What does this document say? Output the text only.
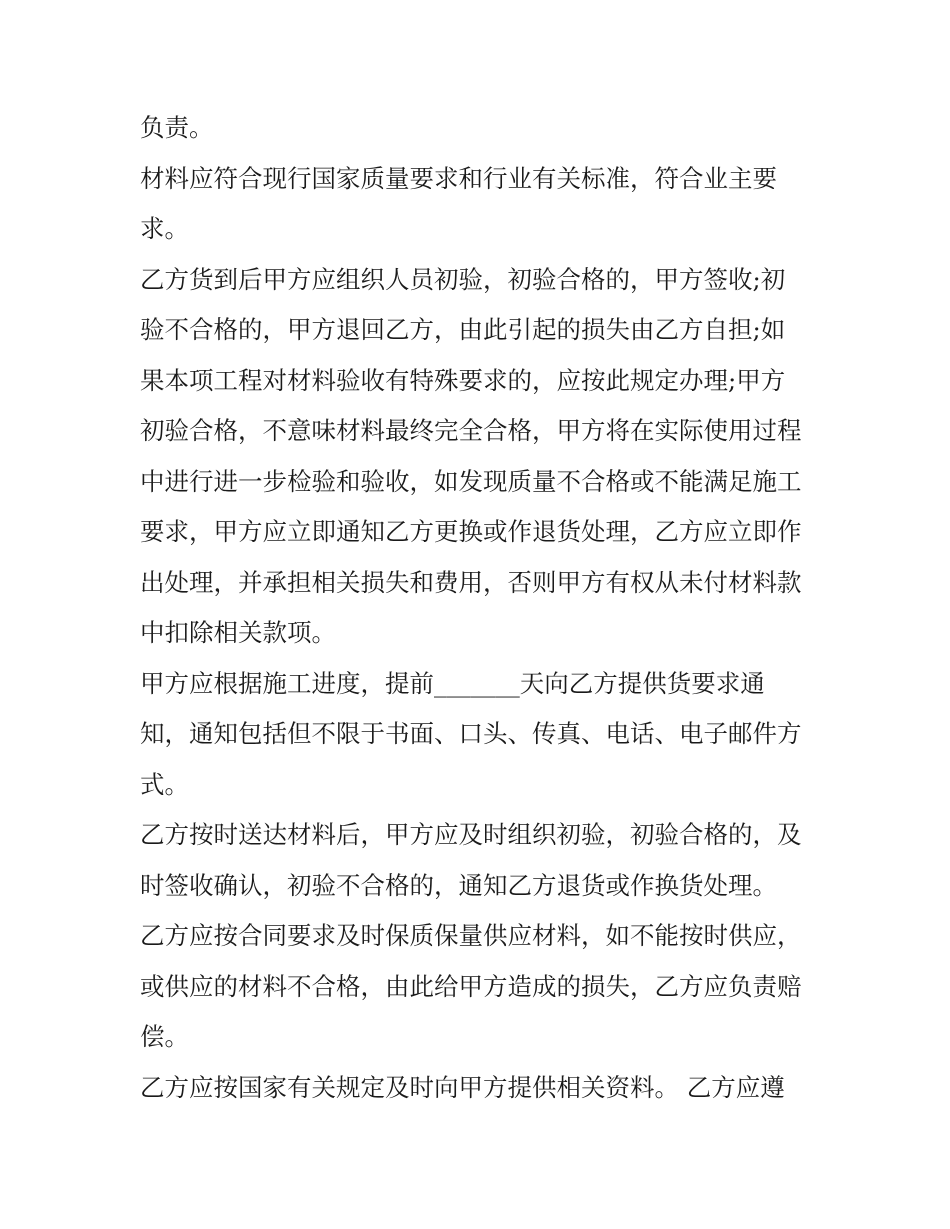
负责。
材料应符合现行国家质量要求和行业有关标准，符合业主要
求。
乙方货到后甲方应组织人员初验，初验合格的，甲方签收;初
验不合格的，甲方退回乙方，由此引起的损失由乙方自担;如
果本项工程对材料验收有特殊要求的，应按此规定办理;甲方
初验合格，不意味材料最终完全合格，甲方将在实际使用过程
中进行进一步检验和验收，如发现质量不合格或不能满足施工
要求，甲方应立即通知乙方更换或作退货处理，乙方应立即作
出处理，并承担相关损失和费用，否则甲方有权从未付材料款
中扣除相关款项。
甲方应根据施工进度，提前_______天向乙方提供货要求通
知，通知包括但不限于书面、口头、传真、电话、电子邮件方
式。
乙方按时送达材料后，甲方应及时组织初验，初验合格的，及
时签收确认，初验不合格的，通知乙方退货或作换货处理。
乙方应按合同要求及时保质保量供应材料，如不能按时供应，
或供应的材料不合格，由此给甲方造成的损失，乙方应负责赔
偿。
乙方应按国家有关规定及时向甲方提供相关资料。 乙方应遵
